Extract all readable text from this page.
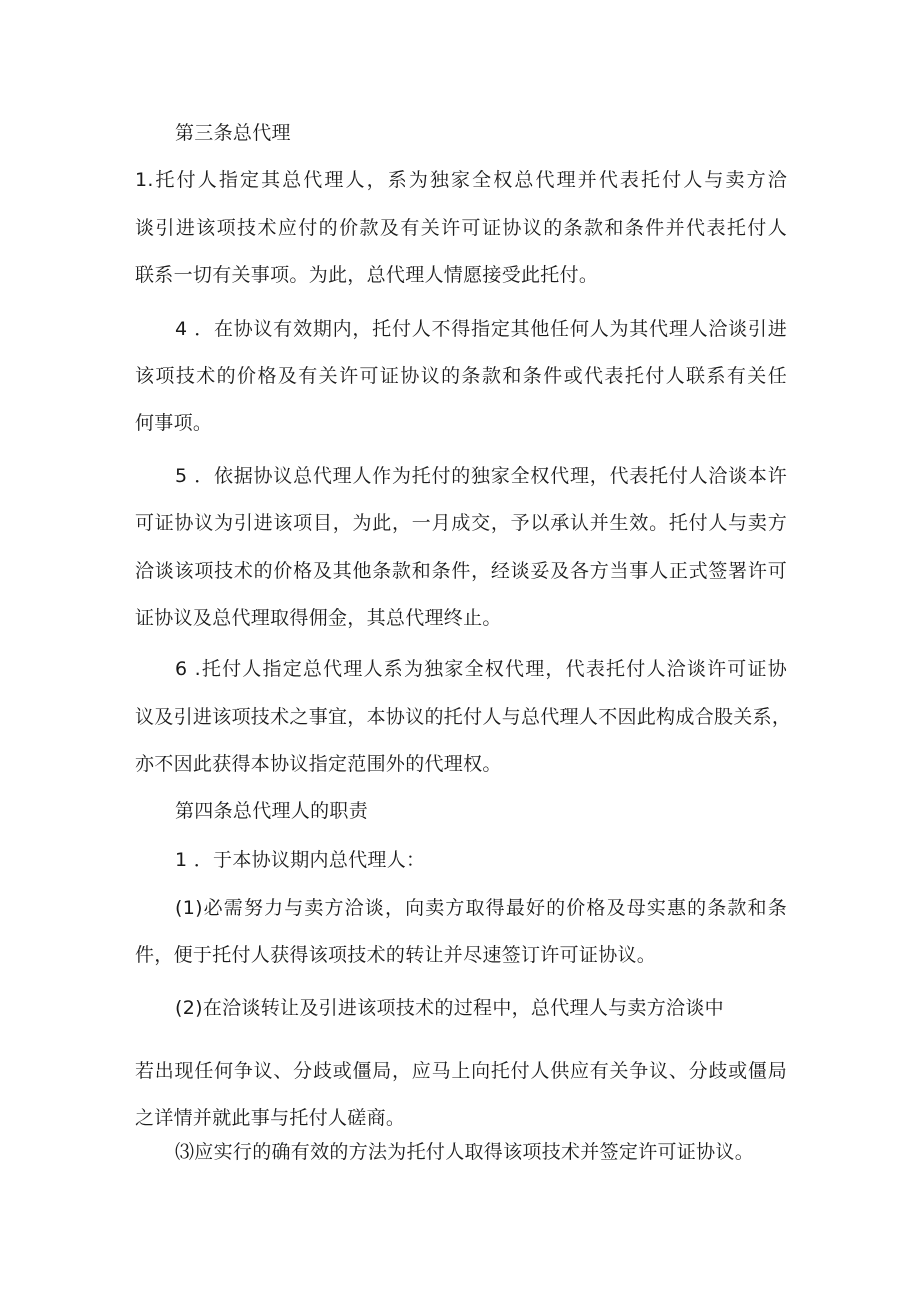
第三条总代理

1.托付人指定其总代理人，系为独家全权总代理并代表托付人与卖方洽

谈引进该项技术应付的价款及有关许可证协议的条款和条件并代表托付人

联系一切有关事项。为此，总代理人情愿接受此托付。

4 ．在协议有效期内，托付人不得指定其他任何人为其代理人洽谈引进

该项技术的价格及有关许可证协议的条款和条件或代表托付人联系有关任

何事项。

5 ．依据协议总代理人作为托付的独家全权代理，代表托付人洽谈本许

可证协议为引进该项目，为此，一月成交，予以承认并生效。托付人与卖方

洽谈该项技术的价格及其他条款和条件，经谈妥及各方当事人正式签署许可

证协议及总代理取得佣金，其总代理终止。

6 .托付人指定总代理人系为独家全权代理，代表托付人洽谈许可证协

议及引进该项技术之事宜，本协议的托付人与总代理人不因此构成合股关系，

亦不因此获得本协议指定范围外的代理权。

第四条总代理人的职责

1 ．于本协议期内总代理人：

(1)必需努力与卖方洽谈，向卖方取得最好的价格及母实惠的条款和条

件，便于托付人获得该项技术的转让并尽速签订许可证协议。

(2)在洽谈转让及引进该项技术的过程中，总代理人与卖方洽谈中

若出现任何争议、分歧或僵局，应马上向托付人供应有关争议、分歧或僵局

之详情并就此事与托付人磋商。

⑶应实行的确有效的方法为托付人取得该项技术并签定许可证协议。
